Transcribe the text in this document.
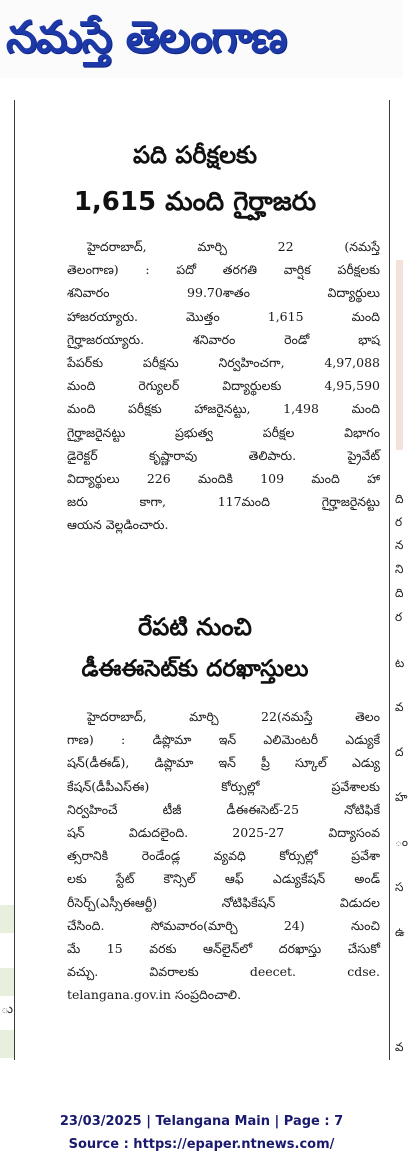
నమస్తే తెలంగాణ
ు
ది
ర
న
ని
ది
ర
ట
వ
ద
హ
ం
స
ఉ
వ
పది పరీక్షలకు
1,615 మంది గైర్హాజరు
హైదరాబాద్, మార్చి 22 (నమస్తే
తెలంగాణ) : పదో తరగతి వార్షిక పరీక్షలకు
శనివారం 99.70శాతం విద్యార్థులు
హాజరయ్యారు. మొత్తం 1,615 మంది
గైర్హాజరయ్యారు. శనివారం రెండో భాష
పేపర్‌కు పరీక్షను నిర్వహించగా, 4,97,088
మంది రెగ్యులర్ విద్యార్థులకు 4,95,590
మంది పరీక్షకు హాజరైనట్టు, 1,498 మంది
గైర్హాజరైనట్టు ప్రభుత్వ పరీక్షల విభాగం
డైరెక్టర్ కృష్ణారావు తెలిపారు. ప్రైవేట్
విద్యార్థులు 226 మందికి 109 మంది హా
జరు కాగా, 117మంది గైర్హాజరైనట్టు
ఆయన వెల్లడించారు.
రేపటి నుంచి
డీఈఈసెట్‌కు దరఖాస్తులు
హైదరాబాద్, మార్చి 22(నమస్తే తెలం
గాణ) : డిప్లొమా ఇన్ ఎలిమెంటరీ ఎడ్యుకే
షన్(డీఈడ్), డిప్లొమా ఇన్ ప్రీ స్కూల్ ఎడ్యు
కేషన్(డీపీఎస్ఈ) కోర్సుల్లో ప్రవేశాలకు
నిర్వహించే టీజీ డీఈఈసెట్-25 నోటిఫికే
షన్ విడుదలైంది. 2025-27 విద్యాసంవ
త్సరానికి రెండేండ్ల వ్యవధి కోర్సుల్లో ప్రవేశా
లకు స్టేట్ కౌన్సిల్ ఆఫ్ ఎడ్యుకేషన్ అండ్
రీసెర్చ్(ఎస్సీఈఆర్టీ) నోటిఫికేషన్ విడుదల
చేసింది. సోమవారం(మార్చి 24) నుంచి
మే 15 వరకు ఆన్‌లైన్‌లో దరఖాస్తు చేసుకో
వచ్చు. వివరాలకు deecet. cdse.
telangana.gov.in సంప్రదించాలి.
23/03/2025 | Telangana Main | Page : 7
Source : https://epaper.ntnews.com/
